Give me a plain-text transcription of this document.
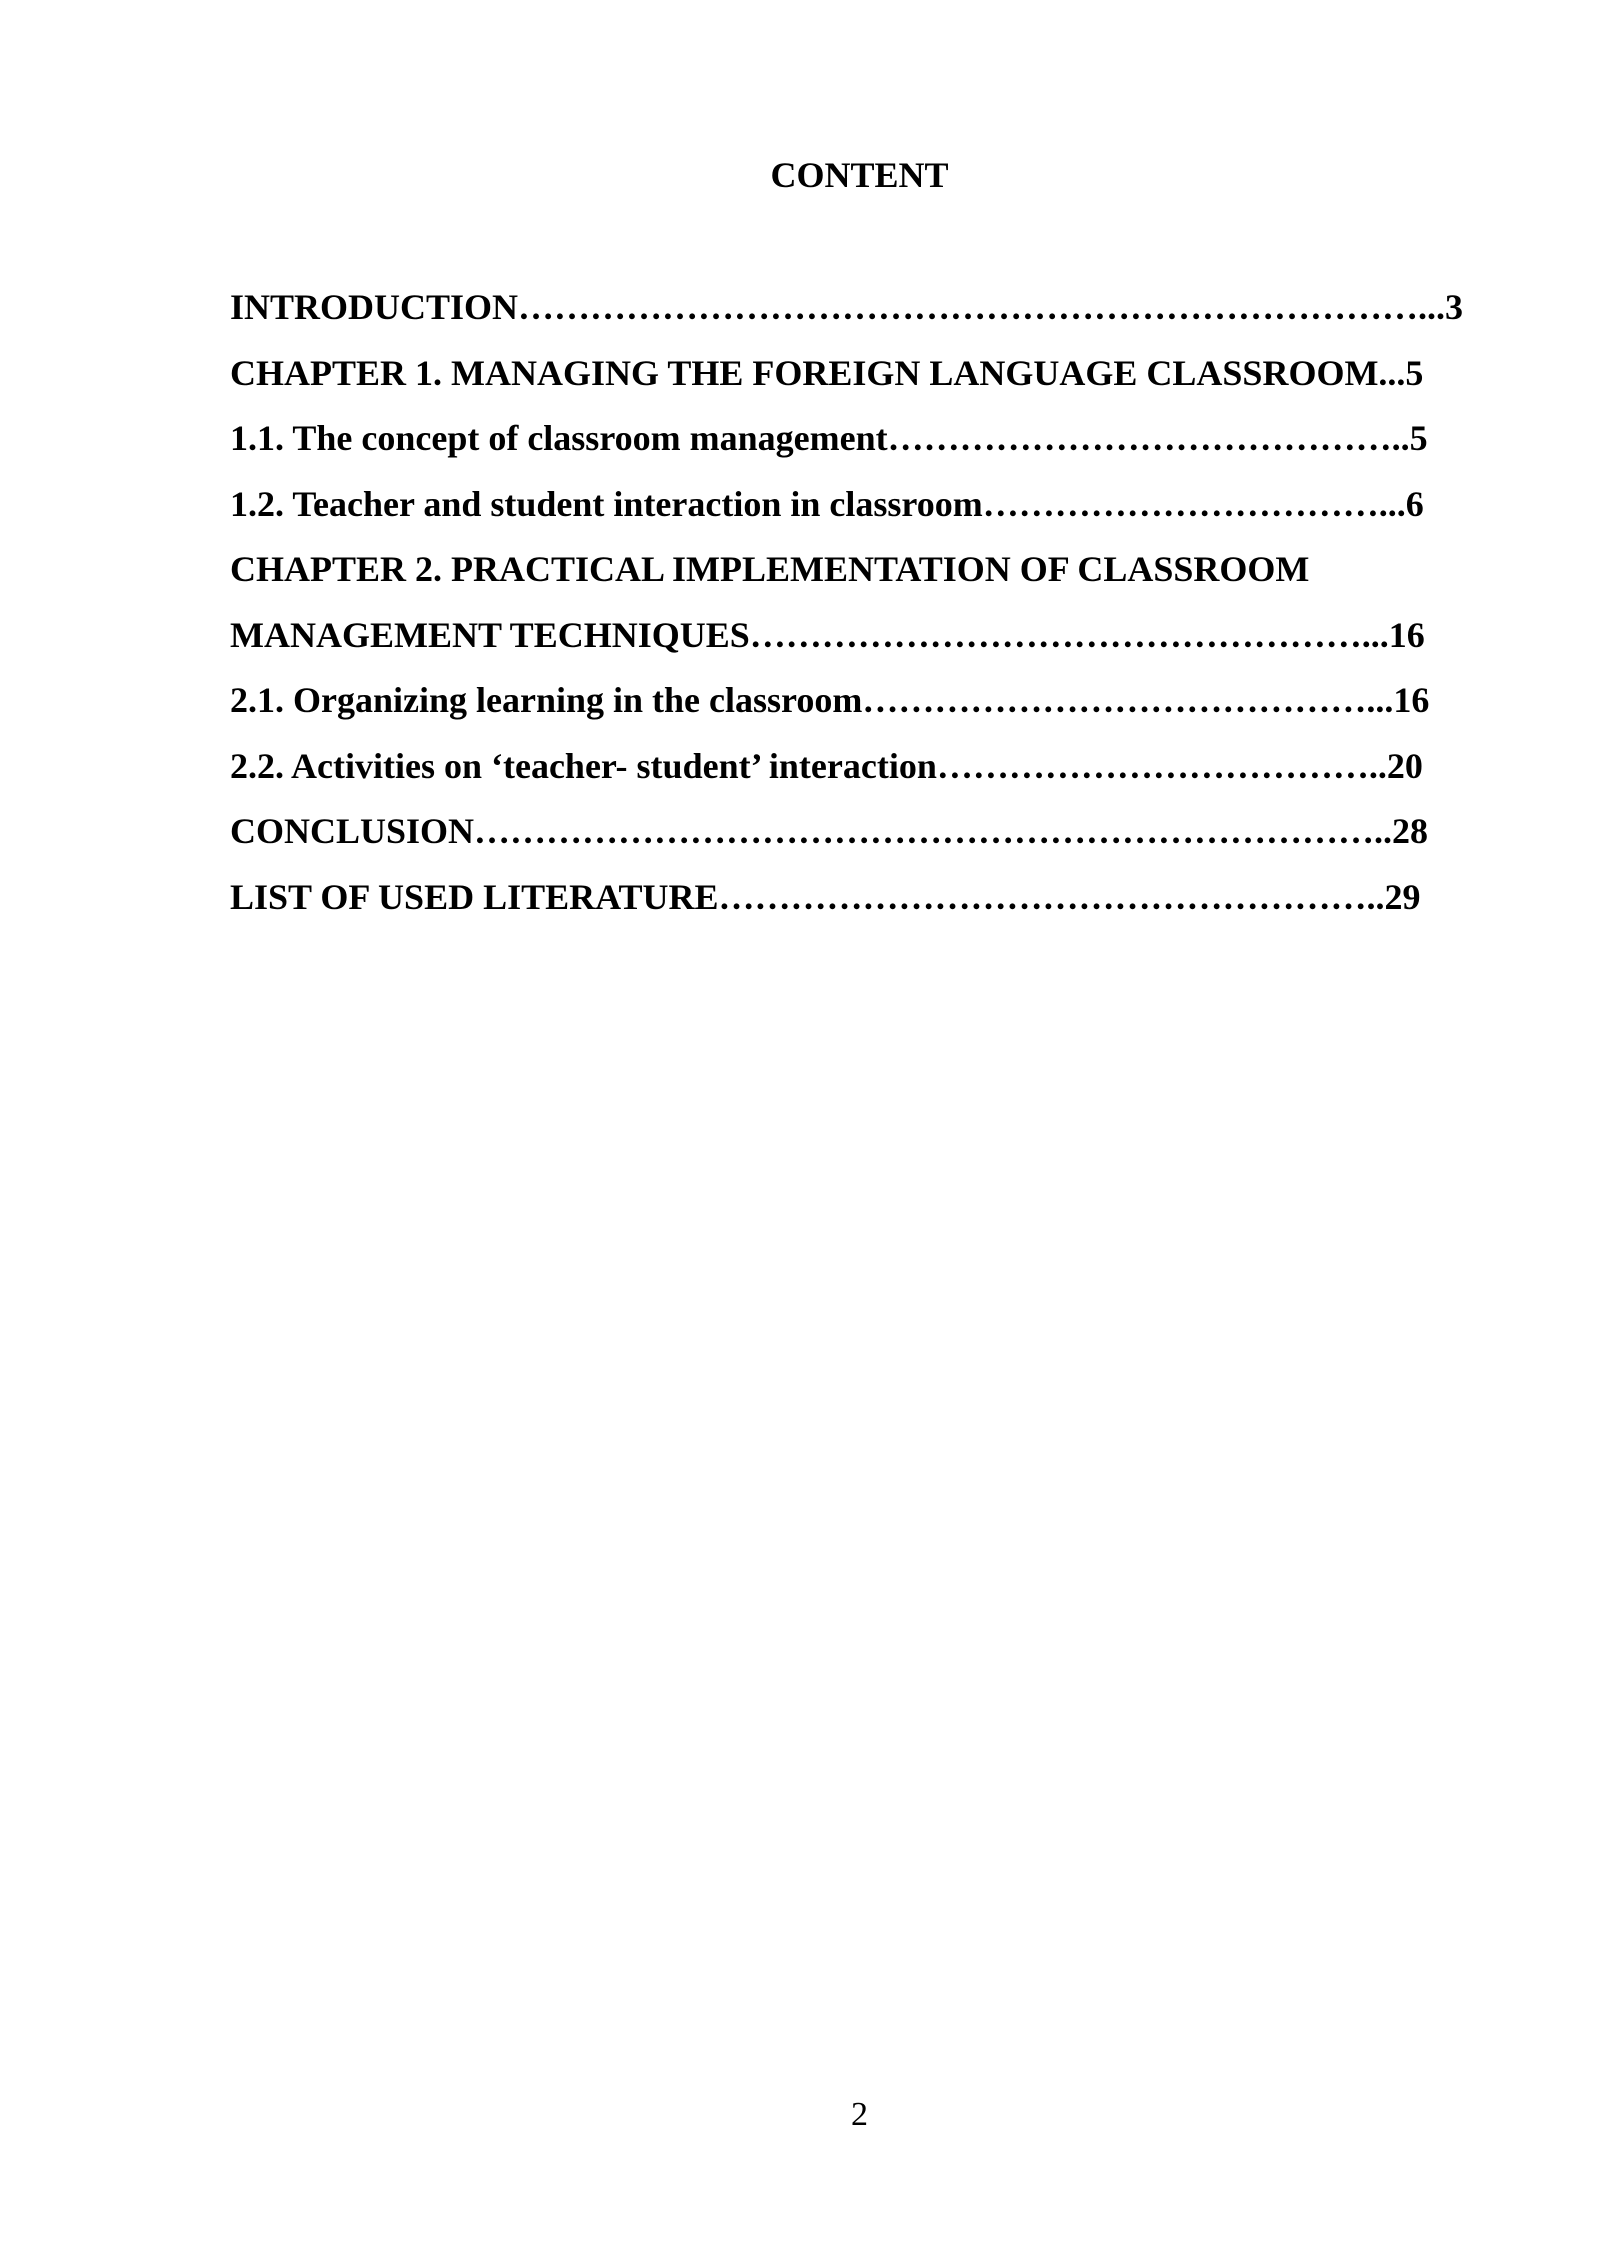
CONTENT
INTRODUCTION…………………………………………………………………...3
CHAPTER 1. MANAGING THE FOREIGN LANGUAGE CLASSROOM...5
1.1. The concept of classroom management……………………………………..5
1.2. Teacher and student interaction in classroom……………………………...6
CHAPTER 2. PRACTICAL IMPLEMENTATION OF CLASSROOM
MANAGEMENT TECHNIQUES……………………………………………...16
2.1. Organizing learning in the classroom……………………………………...16
2.2. Activities on ‘teacher- student’ interaction………………………………..20
CONCLUSION…………………………………………………………………..28
LIST OF USED LITERATURE………………………………………………..29
2
